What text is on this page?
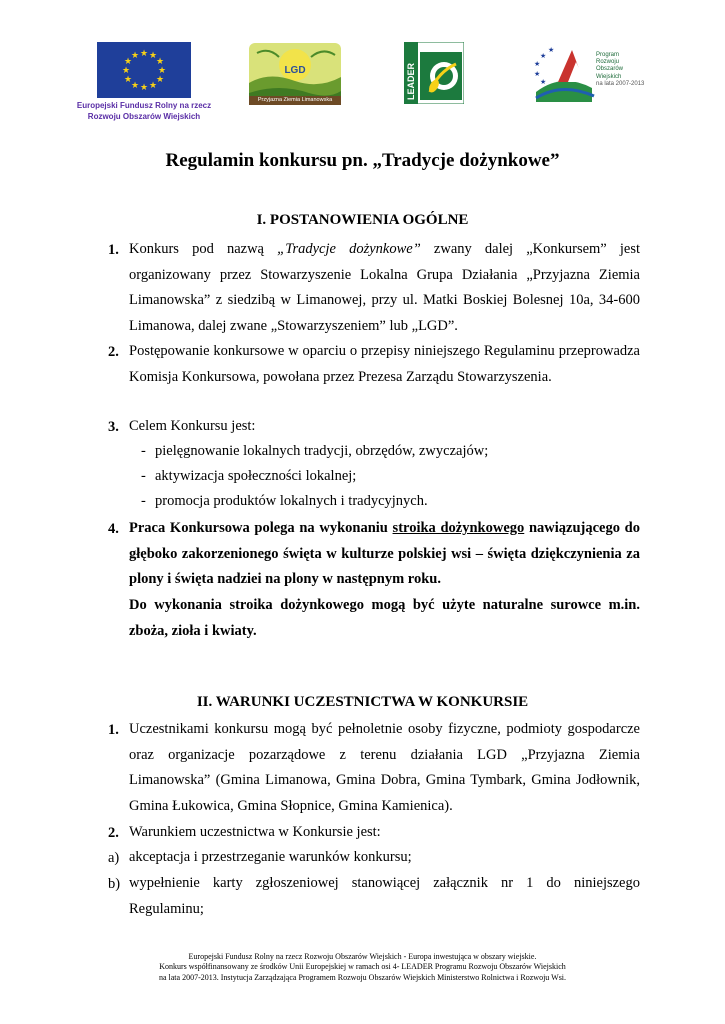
★ ★
★
★
★
★
★
★
★
★
★
★
Europejski Fundusz Rolny na rzecz
Rozwoju Obszarów Wiejskich
LGD
Przyjazna Ziemia Limanowska	LEADER	★
★
★
★
★
Program
Rozwoju
Obszarów
Wiejskich
na lata 2007-2013
Regulamin konkursu pn. „Tradycje dożynkowe”
I. POSTANOWIENIA OGÓLNE
1. Konkurs pod nazwą „Tradycje dożynkowe” zwany dalej „Konkursem” jest organizowany przez Stowarzyszenie Lokalna Grupa Działania „Przyjazna Ziemia Limanowska” z siedzibą w Limanowej, przy ul. Matki Boskiej Bolesnej 10a, 34-600 Limanowa, dalej zwane „Stowarzyszeniem” lub „LGD”.
2. Postępowanie konkursowe w oparciu o przepisy niniejszego Regulaminu przeprowadza Komisja Konkursowa, powołana przez Prezesa Zarządu Stowarzyszenia.
3. Celem Konkursu jest:
- pielęgnowanie lokalnych tradycji, obrzędów, zwyczajów;
- aktywizacja społeczności lokalnej;
- promocja produktów lokalnych i tradycyjnych.
4. Praca Konkursowa polega na wykonaniu stroika dożynkowego nawiązującego do głęboko zakorzenionego święta w kulturze polskiej wsi – święta dziękczynienia za plony i święta nadziei na plony w następnym roku.
Do wykonania stroika dożynkowego mogą być użyte naturalne surowce m.in. zboża, zioła i kwiaty.
II. WARUNKI UCZESTNICTWA W KONKURSIE
1. Uczestnikami konkursu mogą być pełnoletnie osoby fizyczne, podmioty gospodarcze oraz organizacje pozarządowe z terenu działania LGD „Przyjazna Ziemia Limanowska” (Gmina Limanowa, Gmina Dobra, Gmina Tymbark, Gmina Jodłownik, Gmina Łukowica, Gmina Słopnice, Gmina Kamienica).
2. Warunkiem uczestnictwa w Konkursie jest:
a) akceptacja i przestrzeganie warunków konkursu;
b) wypełnienie karty zgłoszeniowej stanowiącej załącznik nr 1 do niniejszego Regulaminu;
Europejski Fundusz Rolny na rzecz Rozwoju Obszarów Wiejskich - Europa inwestująca w obszary wiejskie.
Konkurs współfinansowany ze środków Unii Europejskiej w ramach osi 4- LEADER Programu Rozwoju Obszarów Wiejskich
na lata 2007-2013. Instytucja Zarządzająca Programem Rozwoju Obszarów Wiejskich Ministerstwo Rolnictwa i Rozwoju Wsi.
